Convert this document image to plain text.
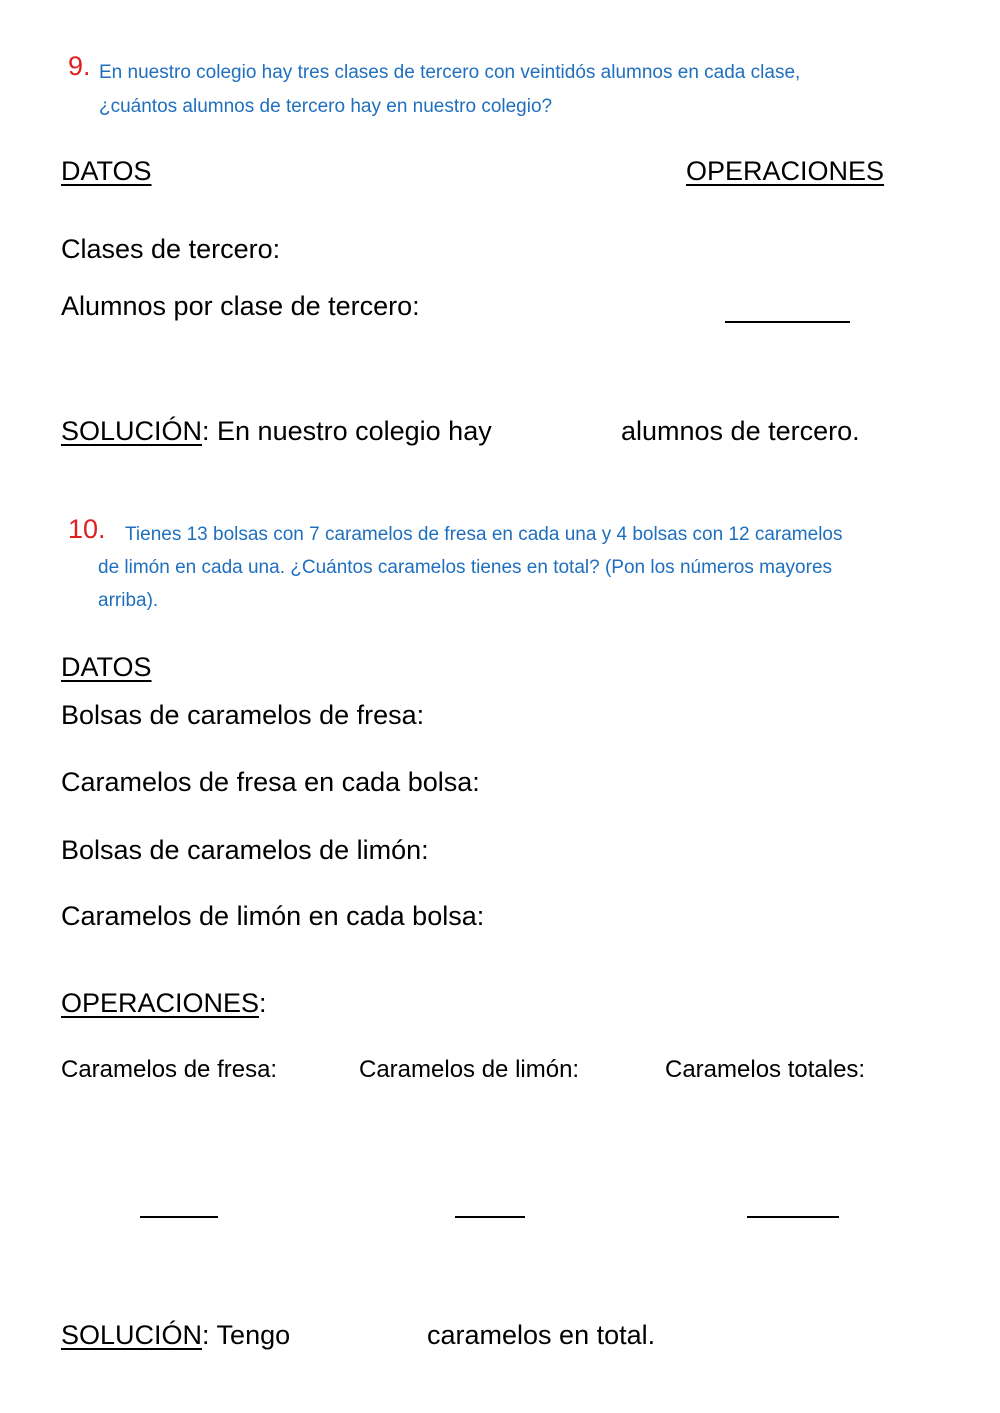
9. En nuestro colegio hay tres clases de tercero con veintidós alumnos en cada clase,
¿cuántos alumnos de tercero hay en nuestro colegio?
DATOS	OPERACIONES
Clases de tercero:
Alumnos por clase de tercero:
SOLUCIÓN: En nuestro colegio hay	alumnos de tercero.
10. Tienes 13 bolsas con 7 caramelos de fresa en cada una y 4 bolsas con 12 caramelos
de limón en cada una. ¿Cuántos caramelos tienes en total? (Pon los números mayores
arriba).
DATOS
Bolsas de caramelos de fresa:
Caramelos de fresa en cada bolsa:
Bolsas de caramelos de limón:
Caramelos de limón en cada bolsa:
OPERACIONES:
Caramelos de fresa:	Caramelos de limón:	Caramelos totales:
SOLUCIÓN: Tengo	caramelos en total.
